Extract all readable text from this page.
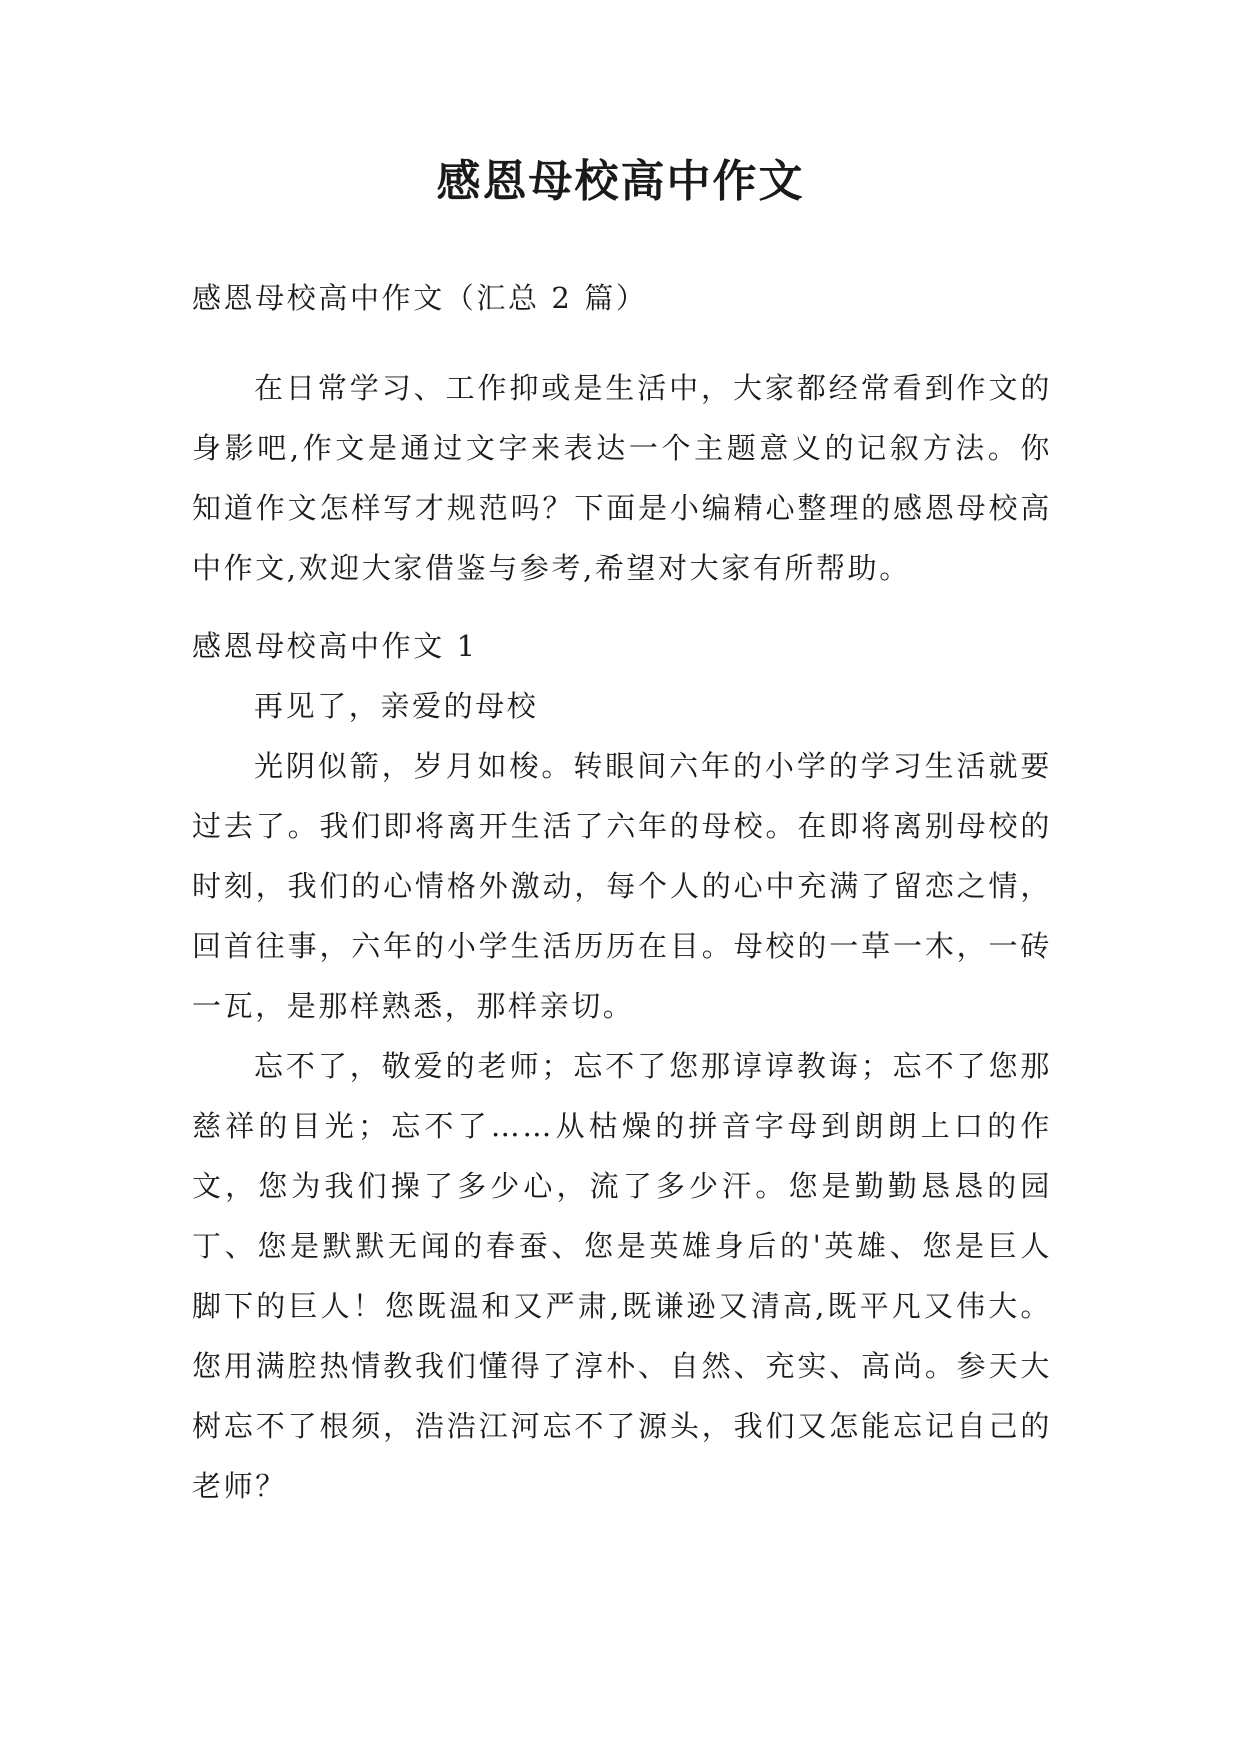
感恩母校高中作文

感恩母校高中作文（汇总 2 篇）

在日常学习、工作抑或是生活中，大家都经常看到作文的身影吧,作文是通过文字来表达一个主题意义的记叙方法。你知道作文怎样写才规范吗？下面是小编精心整理的感恩母校高中作文,欢迎大家借鉴与参考,希望对大家有所帮助。

感恩母校高中作文 1

再见了，亲爱的母校

光阴似箭，岁月如梭。转眼间六年的小学的学习生活就要过去了。我们即将离开生活了六年的母校。在即将离别母校的时刻，我们的心情格外激动，每个人的心中充满了留恋之情，回首往事，六年的小学生活历历在目。母校的一草一木，一砖一瓦，是那样熟悉，那样亲切。

忘不了，敬爱的老师；忘不了您那谆谆教诲；忘不了您那慈祥的目光；忘不了……从枯燥的拼音字母到朗朗上口的作文，您为我们操了多少心，流了多少汗。您是勤勤恳恳的园丁、您是默默无闻的春蚕、您是英雄身后的'英雄、您是巨人脚下的巨人！您既温和又严肃,既谦逊又清高,既平凡又伟大。您用满腔热情教我们懂得了淳朴、自然、充实、高尚。参天大树忘不了根须，浩浩江河忘不了源头，我们又怎能忘记自己的老师？
